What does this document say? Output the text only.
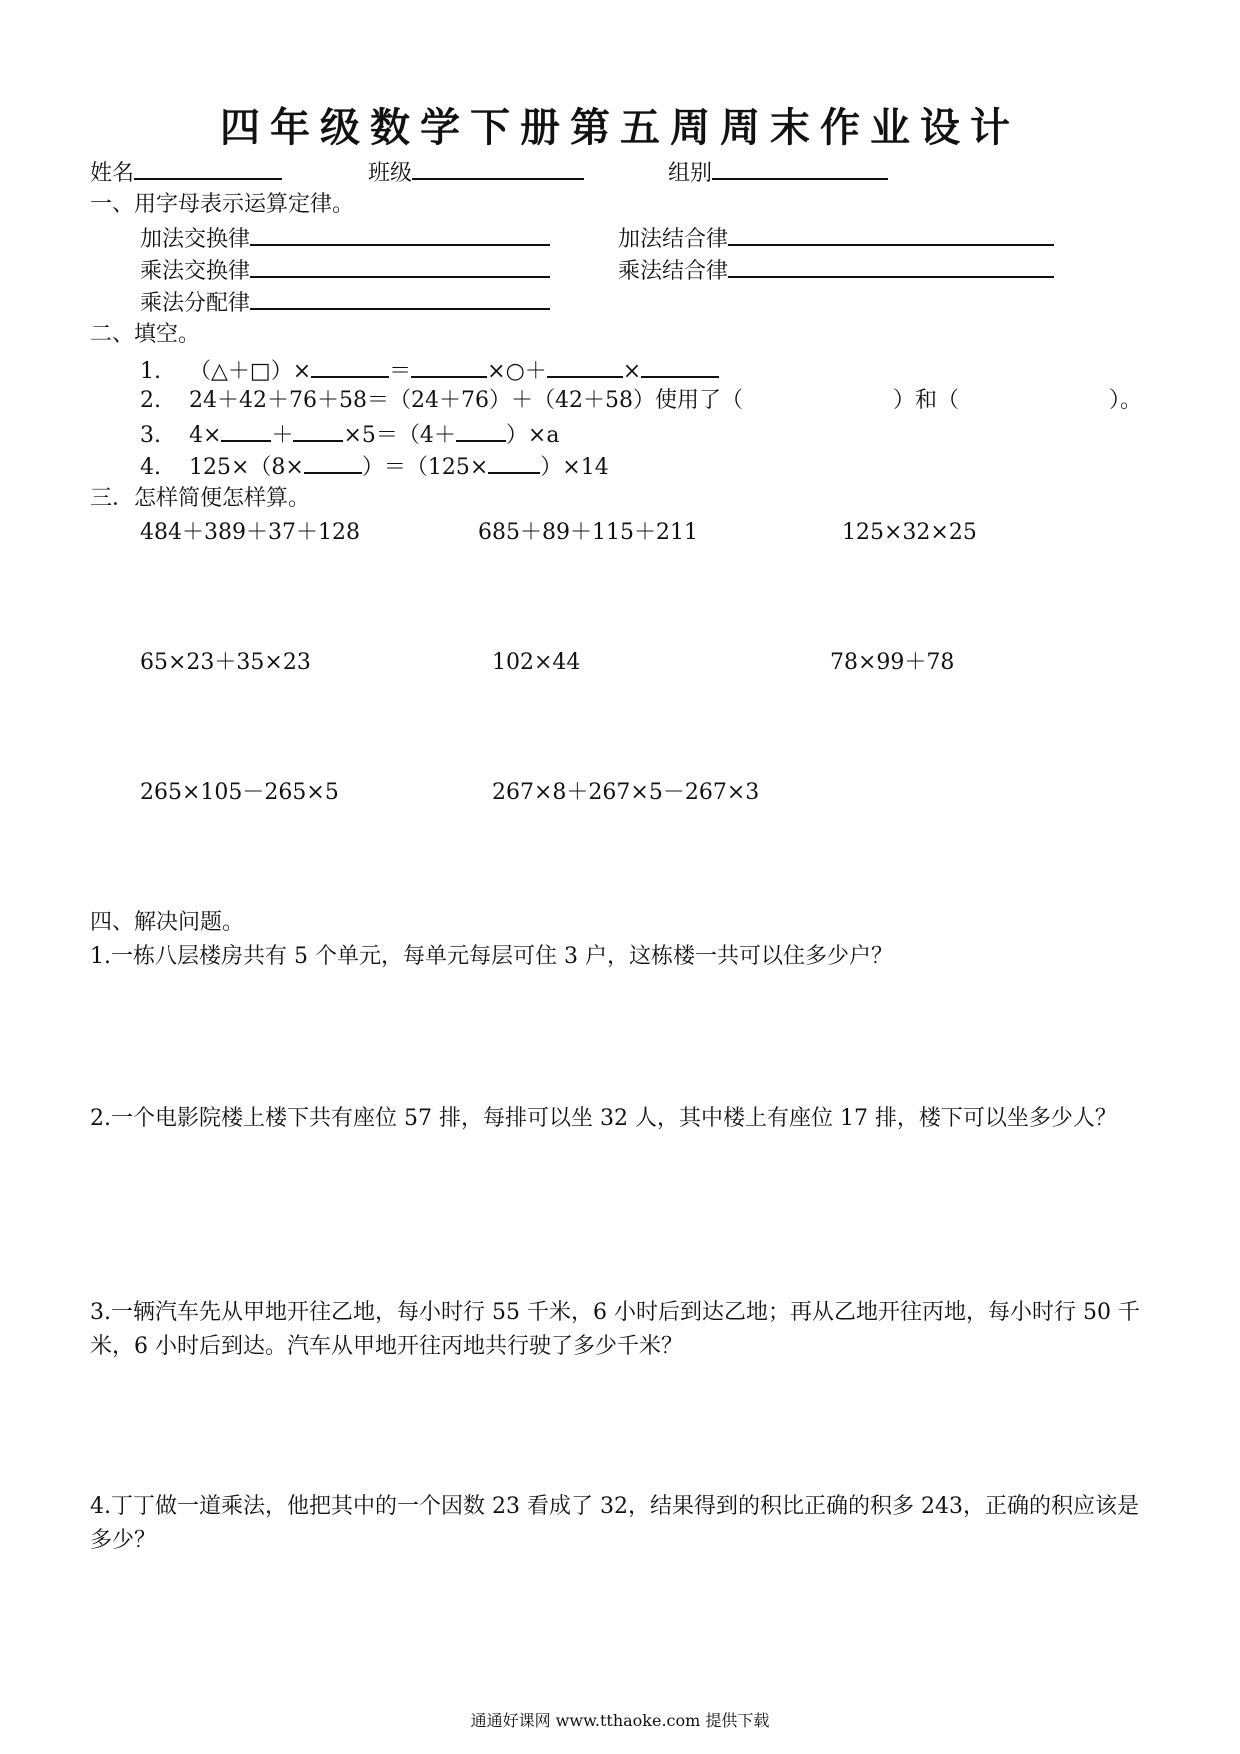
四年级数学下册第五周周末作业设计
姓名	班级	组别
一、用字母表示运算定律。
加法交换律	加法结合律
乘法交换律	乘法结合律
乘法分配律
二、填空。
1. （△＋□）×	＝	×○＋	×
2. 24＋42＋76＋58＝（24＋76）＋（42＋58）使用了（	）和（	）。
3. 4× ＋ ×5＝（4＋ ）×a
4. 125×（8×	）＝（125× ）×14
三．怎样简便怎样算。
484＋389＋37＋128	685＋89＋115＋211	125×32×25
65×23＋35×23	102×44	78×99＋78
265×105－265×5	267×8＋267×5－267×3
四、解决问题。
1.一栋八层楼房共有 5 个单元，每单元每层可住 3 户，这栋楼一共可以住多少户？
2.一个电影院楼上楼下共有座位 57 排，每排可以坐 32 人，其中楼上有座位 17 排，楼下可以坐多少人？
3.一辆汽车先从甲地开往乙地，每小时行 55 千米，6 小时后到达乙地；再从乙地开往丙地，每小时行 50 千米，6 小时后到达。汽车从甲地开往丙地共行驶了多少千米？
4.丁丁做一道乘法，他把其中的一个因数 23 看成了 32，结果得到的积比正确的积多 243，正确的积应该是多少？
通通好课网 www.tthaoke.com 提供下载
